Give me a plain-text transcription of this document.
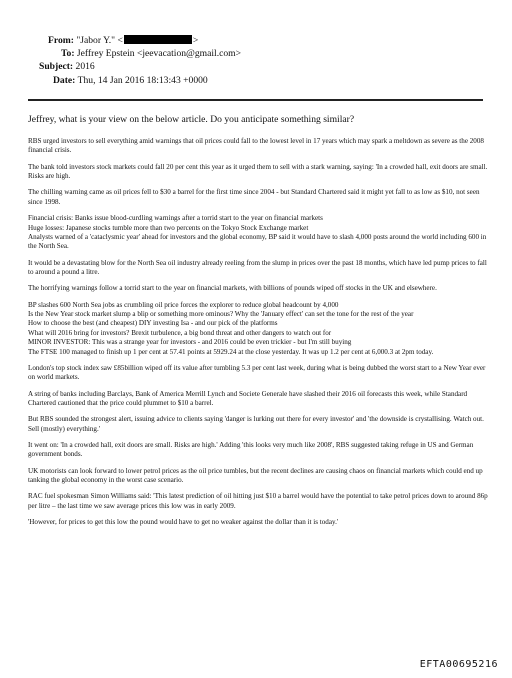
From: "Jabor Y." <	>
To: Jeffrey Epstein <jeevacation@gmail.com>
Subject: 2016
Date: Thu, 14 Jan 2016 18:13:43 +0000
Jeffrey, what is your view on the below article. Do you anticipate something similar?

RBS urged investors to sell everything amid warnings that oil prices could fall to the lowest level in 17 years which may spark a meltdown as severe as the 2008 financial crisis.

The bank told investors stock markets could fall 20 per cent this year as it urged them to sell with a stark warning, saying: 'In a crowded hall, exit doors are small. Risks are high.

The chilling warning came as oil prices fell to $30 a barrel for the first time since 2004 - but Standard Chartered said it might yet fall to as low as $10, not seen since 1998.

Financial crisis: Banks issue blood-curdling warnings after a torrid start to the year on financial markets
Huge losses: Japanese stocks tumble more than two percents on the Tokyo Stock Exchange market
Analysts warned of a 'cataclysmic year' ahead for investors and the global economy, BP said it would have to slash 4,000 posts around the world including 600 in the North Sea.

It would be a devastating blow for the North Sea oil industry already reeling from the slump in prices over the past 18 months, which have led pump prices to fall to around a pound a litre.

The horrifying warnings follow a torrid start to the year on financial markets, with billions of pounds wiped off stocks in the UK and elsewhere.

BP slashes 600 North Sea jobs as crumbling oil price forces the explorer to reduce global headcount by 4,000
Is the New Year stock market slump a blip or something more ominous? Why the 'January effect' can set the tone for the rest of the year
How to choose the best (and cheapest) DIY investing Isa - and our pick of the platforms
What will 2016 bring for investors? Brexit turbulence, a big bond threat and other dangers to watch out for
MINOR INVESTOR: This was a strange year for investors - and 2016 could be even trickier - but I'm still buying
The FTSE 100 managed to finish up 1 per cent at 57.41 points at 5929.24 at the close yesterday. It was up 1.2 per cent at 6,000.3 at 2pm today.

London's top stock index saw £85billion wiped off its value after tumbling 5.3 per cent last week, during what is being dubbed the worst start to a New Year ever on world markets.

A string of banks including Barclays, Bank of America Merrill Lynch and Societe Generale have slashed their 2016 oil forecasts this week, while Standard Chartered cautioned that the price could plummet to $10 a barrel.

But RBS sounded the strongest alert, issuing advice to clients saying 'danger is lurking out there for every investor' and 'the downside is crystallising. Watch out. Sell (mostly) everything.'

It went on: 'In a crowded hall, exit doors are small. Risks are high.' Adding 'this looks very much like 2008', RBS suggested taking refuge in US and German government bonds.

UK motorists can look forward to lower petrol prices as the oil price tumbles, but the recent declines are causing chaos on financial markets which could end up tanking the global economy in the worst case scenario.

RAC fuel spokesman Simon Williams said: 'This latest prediction of oil hitting just $10 a barrel would have the potential to take petrol prices down to around 86p per litre – the last time we saw average prices this low was in early 2009.

'However, for prices to get this low the pound would have to get no weaker against the dollar than it is today.'

EFTA00695216
